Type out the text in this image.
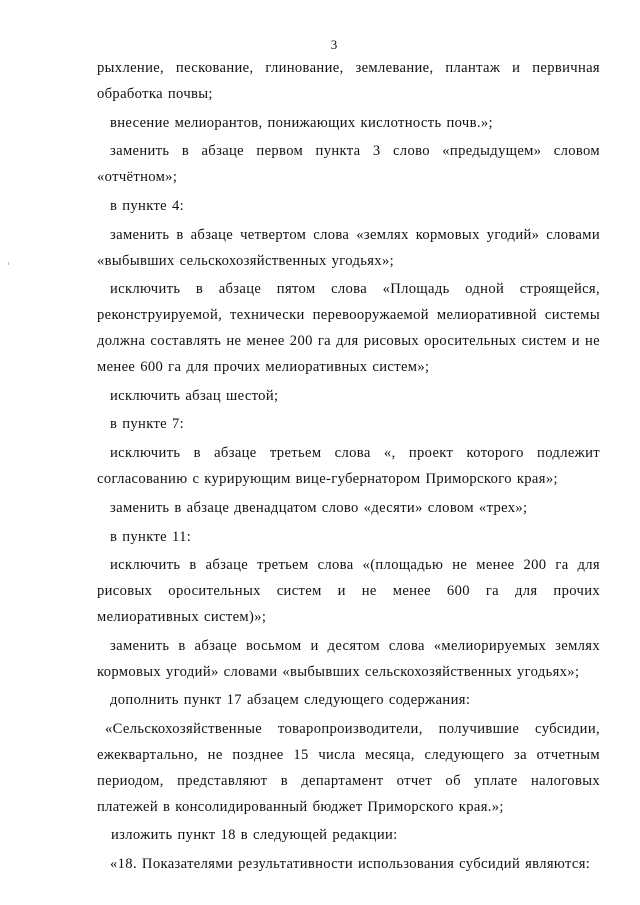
3

рыхление, пескование, глинование, землевание, плантаж и первичная обработка почвы;

внесение мелиорантов, понижающих кислотность почв.»;

заменить в абзаце первом пункта 3 слово «предыдущем» словом «отчётном»;

в пункте 4:

заменить в абзаце четвертом слова «землях кормовых угодий» словами «выбывших сельскохозяйственных угодьях»;

исключить в абзаце пятом слова «Площадь одной строящейся, реконструируемой, технически перевооружаемой мелиоративной системы должна составлять не менее 200 га для рисовых оросительных систем и не менее 600 га для прочих мелиоративных систем»;

исключить абзац шестой;

в пункте 7:

исключить в абзаце третьем слова «, проект которого подлежит согласованию с курирующим вице-губернатором Приморского края»;

заменить в абзаце двенадцатом слово «десяти» словом «трех»;

в пункте 11:

исключить в абзаце третьем слова «(площадью не менее 200 га для рисовых оросительных систем и не менее 600 га для прочих мелиоративных систем)»;

заменить в абзаце восьмом и десятом слова «мелиорируемых землях кормовых угодий» словами «выбывших сельскохозяйственных угодьях»;

дополнить пункт 17 абзацем следующего содержания:

«Сельскохозяйственные товаропроизводители, получившие субсидии, ежеквартально, не позднее 15 числа месяца, следующего за отчетным периодом, представляют в департамент отчет об уплате налоговых платежей в консолидированный бюджет Приморского края.»;

изложить пункт 18 в следующей редакции:

«18. Показателями результативности использования субсидий являются:
